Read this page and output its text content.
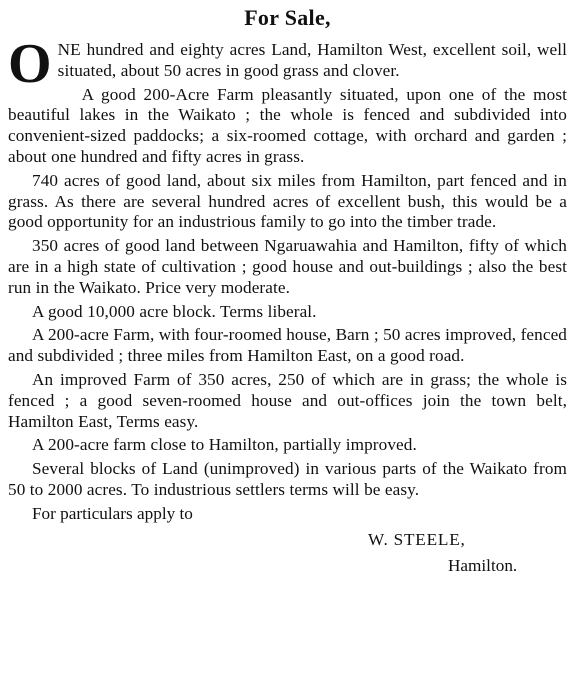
For Sale,

ONE hundred and eighty acres Land, Hamilton West, excellent soil, well situated, about 50 acres in good grass and clover.

A good 200-Acre Farm pleasantly situated, upon one of the most beautiful lakes in the Waikato ; the whole is fenced and subdivided into convenient-sized paddocks; a six-roomed cottage, with orchard and garden ; about one hundred and fifty acres in grass.

740 acres of good land, about six miles from Hamilton, part fenced and in grass. As there are several hundred acres of excellent bush, this would be a good opportunity for an industrious family to go into the timber trade.

350 acres of good land between Ngaruawahia and Hamilton, fifty of which are in a high state of cultivation ; good house and out-buildings ; also the best run in the Waikato. Price very moderate.

A good 10,000 acre block. Terms liberal.

A 200-acre Farm, with four-roomed house, Barn ; 50 acres improved, fenced and subdivided ; three miles from Hamilton East, on a good road.

An improved Farm of 350 acres, 250 of which are in grass; the whole is fenced ; a good seven-roomed house and out-offices join the town belt, Hamilton East, Terms easy.

A 200-acre farm close to Hamilton, partially improved.

Several blocks of Land (unimproved) in various parts of the Waikato from 50 to 2000 acres. To industrious settlers terms will be easy.

For particulars apply to
W. STEELE,
Hamilton.
